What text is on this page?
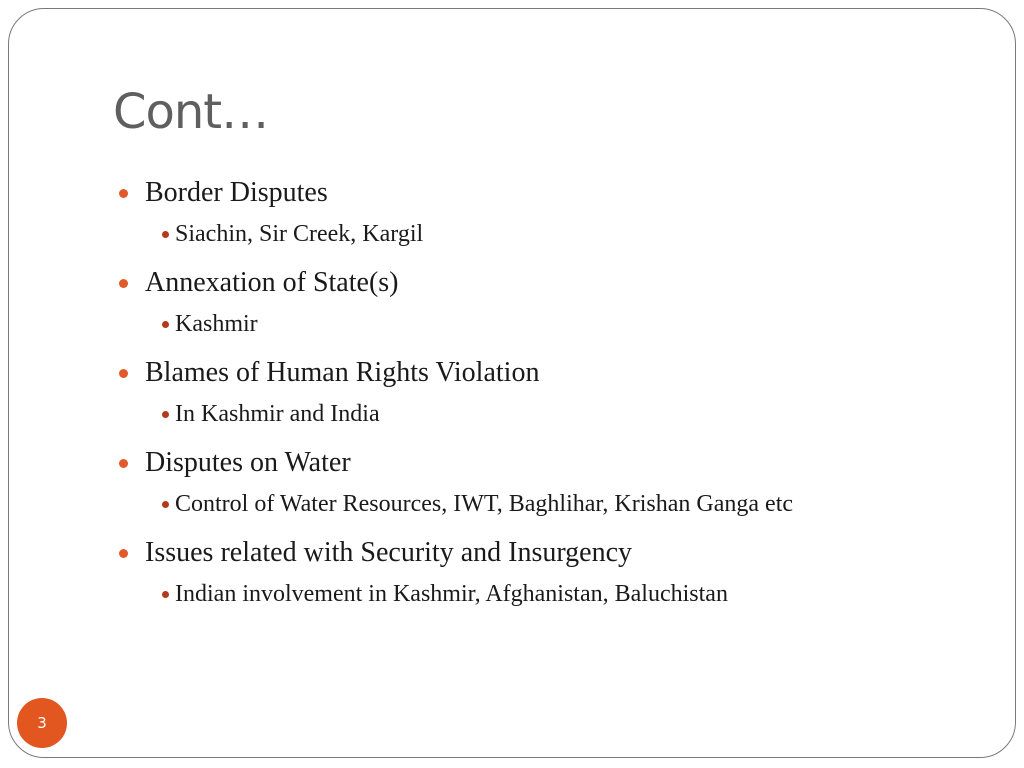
Cont…
Border Disputes
Siachin, Sir Creek, Kargil
Annexation of State(s)
Kashmir
Blames of Human Rights Violation
In Kashmir and India
Disputes on Water
Control of Water Resources, IWT, Baghlihar, Krishan Ganga etc
Issues related with Security and Insurgency
Indian involvement in Kashmir, Afghanistan, Baluchistan
3
